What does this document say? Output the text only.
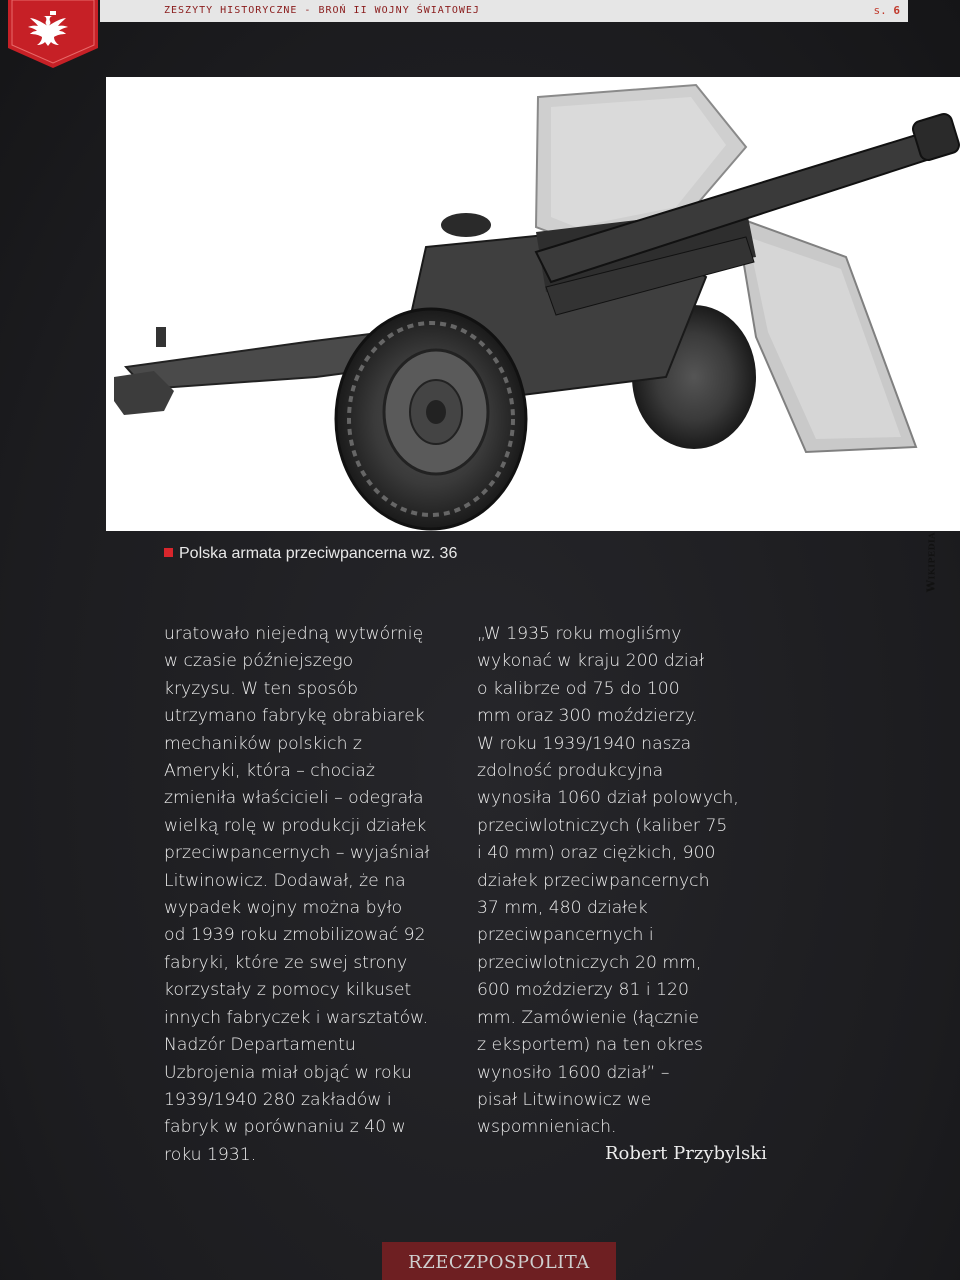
ZESZYTY HISTORYCZNE - BROŃ II WOJNY ŚWIATOWEJ	s. 6
Wikipedia
Polska armata przeciwpancerna wz. 36
uratowało niejedną wytwórnię
w czasie późniejszego
kryzysu. W ten sposób
utrzymano fabrykę obrabiarek
mechaników polskich z
Ameryki, która – chociaż
zmieniła właścicieli – odegrała
wielką rolę w produkcji działek
przeciwpancernych – wyjaśniał
Litwinowicz. Dodawał, że na
wypadek wojny można było
od 1939 roku zmobilizować 92
fabryki, które ze swej strony
korzystały z pomocy kilkuset
innych fabryczek i warsztatów.
Nadzór Departamentu
Uzbrojenia miał objąć w roku
1939/1940 280 zakładów i
fabryk w porównaniu z 40 w
roku 1931.
„W 1935 roku mogliśmy
wykonać w kraju 200 dział
o kalibrze od 75 do 100
mm oraz 300 moździerzy.
W roku 1939/1940 nasza
zdolność produkcyjna
wynosiła 1060 dział polowych,
przeciwlotniczych (kaliber 75
i 40 mm) oraz ciężkich, 900
działek przeciwpancernych
37 mm, 480 działek
przeciwpancernych i
przeciwlotniczych 20 mm,
600 moździerzy 81 i 120
mm. Zamówienie (łącznie
z eksportem) na ten okres
wynosiło 1600 dział” –
pisał Litwinowicz we
wspomnieniach.
Robert Przybylski
RZECZPOSPOLITA
